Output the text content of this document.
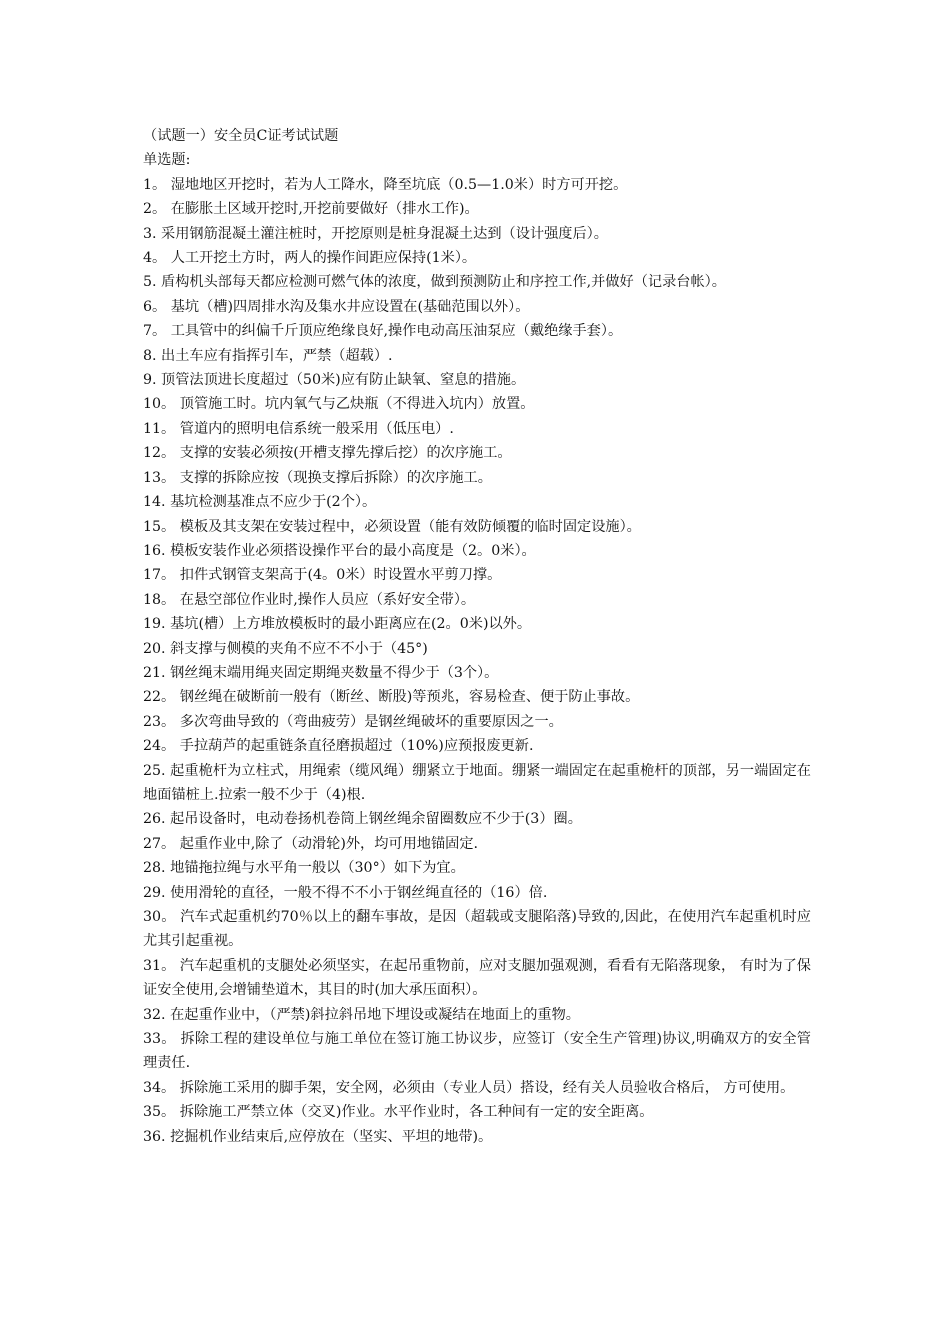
（试题一）安全员C证考试试题
单选题:
1。 湿地地区开挖时，若为人工降水，降至坑底（0.5—1.0米）时方可开挖。
2。 在膨胀土区域开挖时,开挖前要做好（排水工作)。
3. 采用钢筋混凝土灌注桩时，开挖原则是桩身混凝土达到（设计强度后）。
4。 人工开挖土方时，两人的操作间距应保持(1米）。
5. 盾构机头部每天都应检测可燃气体的浓度，做到预测防止和序控工作,并做好（记录台帐）。
6。 基坑（槽)四周排水沟及集水井应设置在(基础范围以外）。
7。 工具管中的纠偏千斤顶应绝缘良好,操作电动高压油泵应（戴绝缘手套）。
8. 出土车应有指挥引车，严禁（超载）.
9. 顶管法顶进长度超过（50米)应有防止缺氧、窒息的措施。
10。 顶管施工时。坑内氧气与乙炔瓶（不得进入坑内）放置。
11。 管道内的照明电信系统一般采用（低压电）.
12。 支撑的安装必须按(开槽支撑先撑后挖）的次序施工。
13。 支撑的拆除应按（现换支撑后拆除）的次序施工。
14. 基坑检测基准点不应少于(2个）。
15。 模板及其支架在安装过程中，必须设置（能有效防倾覆的临时固定设施）。
16. 模板安装作业必须搭设操作平台的最小高度是（2。0米）。
17。 扣件式钢管支架高于(4。0米）时设置水平剪刀撑。
18。 在悬空部位作业时,操作人员应（系好安全带）。
19. 基坑(槽）上方堆放模板时的最小距离应在(2。0米)以外。
20. 斜支撑与侧模的夹角不应不不小于（45°)
21. 钢丝绳末端用绳夹固定期绳夹数量不得少于（3个）。
22。 钢丝绳在破断前一般有（断丝、断股)等预兆，容易检查、便于防止事故。
23。 多次弯曲导致的（弯曲疲劳）是钢丝绳破坏的重要原因之一。
24。 手拉葫芦的起重链条直径磨损超过（10%)应预报废更新.
25. 起重桅杆为立柱式，用绳索（缆风绳）绷紧立于地面。绷紧一端固定在起重桅杆的顶部，另一端固定在地面锚桩上.拉索一般不少于（4)根.
26. 起吊设备时，电动卷扬机卷筒上钢丝绳余留圈数应不少于(3）圈。
27。 起重作业中,除了（动滑轮)外，均可用地锚固定.
28. 地锚拖拉绳与水平角一般以（30°）如下为宜。
29. 使用滑轮的直径，一般不得不不小于钢丝绳直径的（16）倍.
30。 汽车式起重机约70％以上的翻车事故，是因（超载或支腿陷落)导致的,因此，在使用汽车起重机时应尤其引起重视。
31。 汽车起重机的支腿处必须坚实，在起吊重物前，应对支腿加强观测，看看有无陷落现象， 有时为了保证安全使用,会增铺垫道木，其目的时(加大承压面积）。
32. 在起重作业中，（严禁)斜拉斜吊地下埋设或凝结在地面上的重物。
33。 拆除工程的建设单位与施工单位在签订施工协议步，应签订（安全生产管理)协议,明确双方的安全管理责任.
34。 拆除施工采用的脚手架，安全网，必须由（专业人员）搭设，经有关人员验收合格后， 方可使用。
35。 拆除施工严禁立体（交叉)作业。水平作业时，各工种间有一定的安全距离。
36. 挖掘机作业结束后,应停放在（坚实、平坦的地带)。
